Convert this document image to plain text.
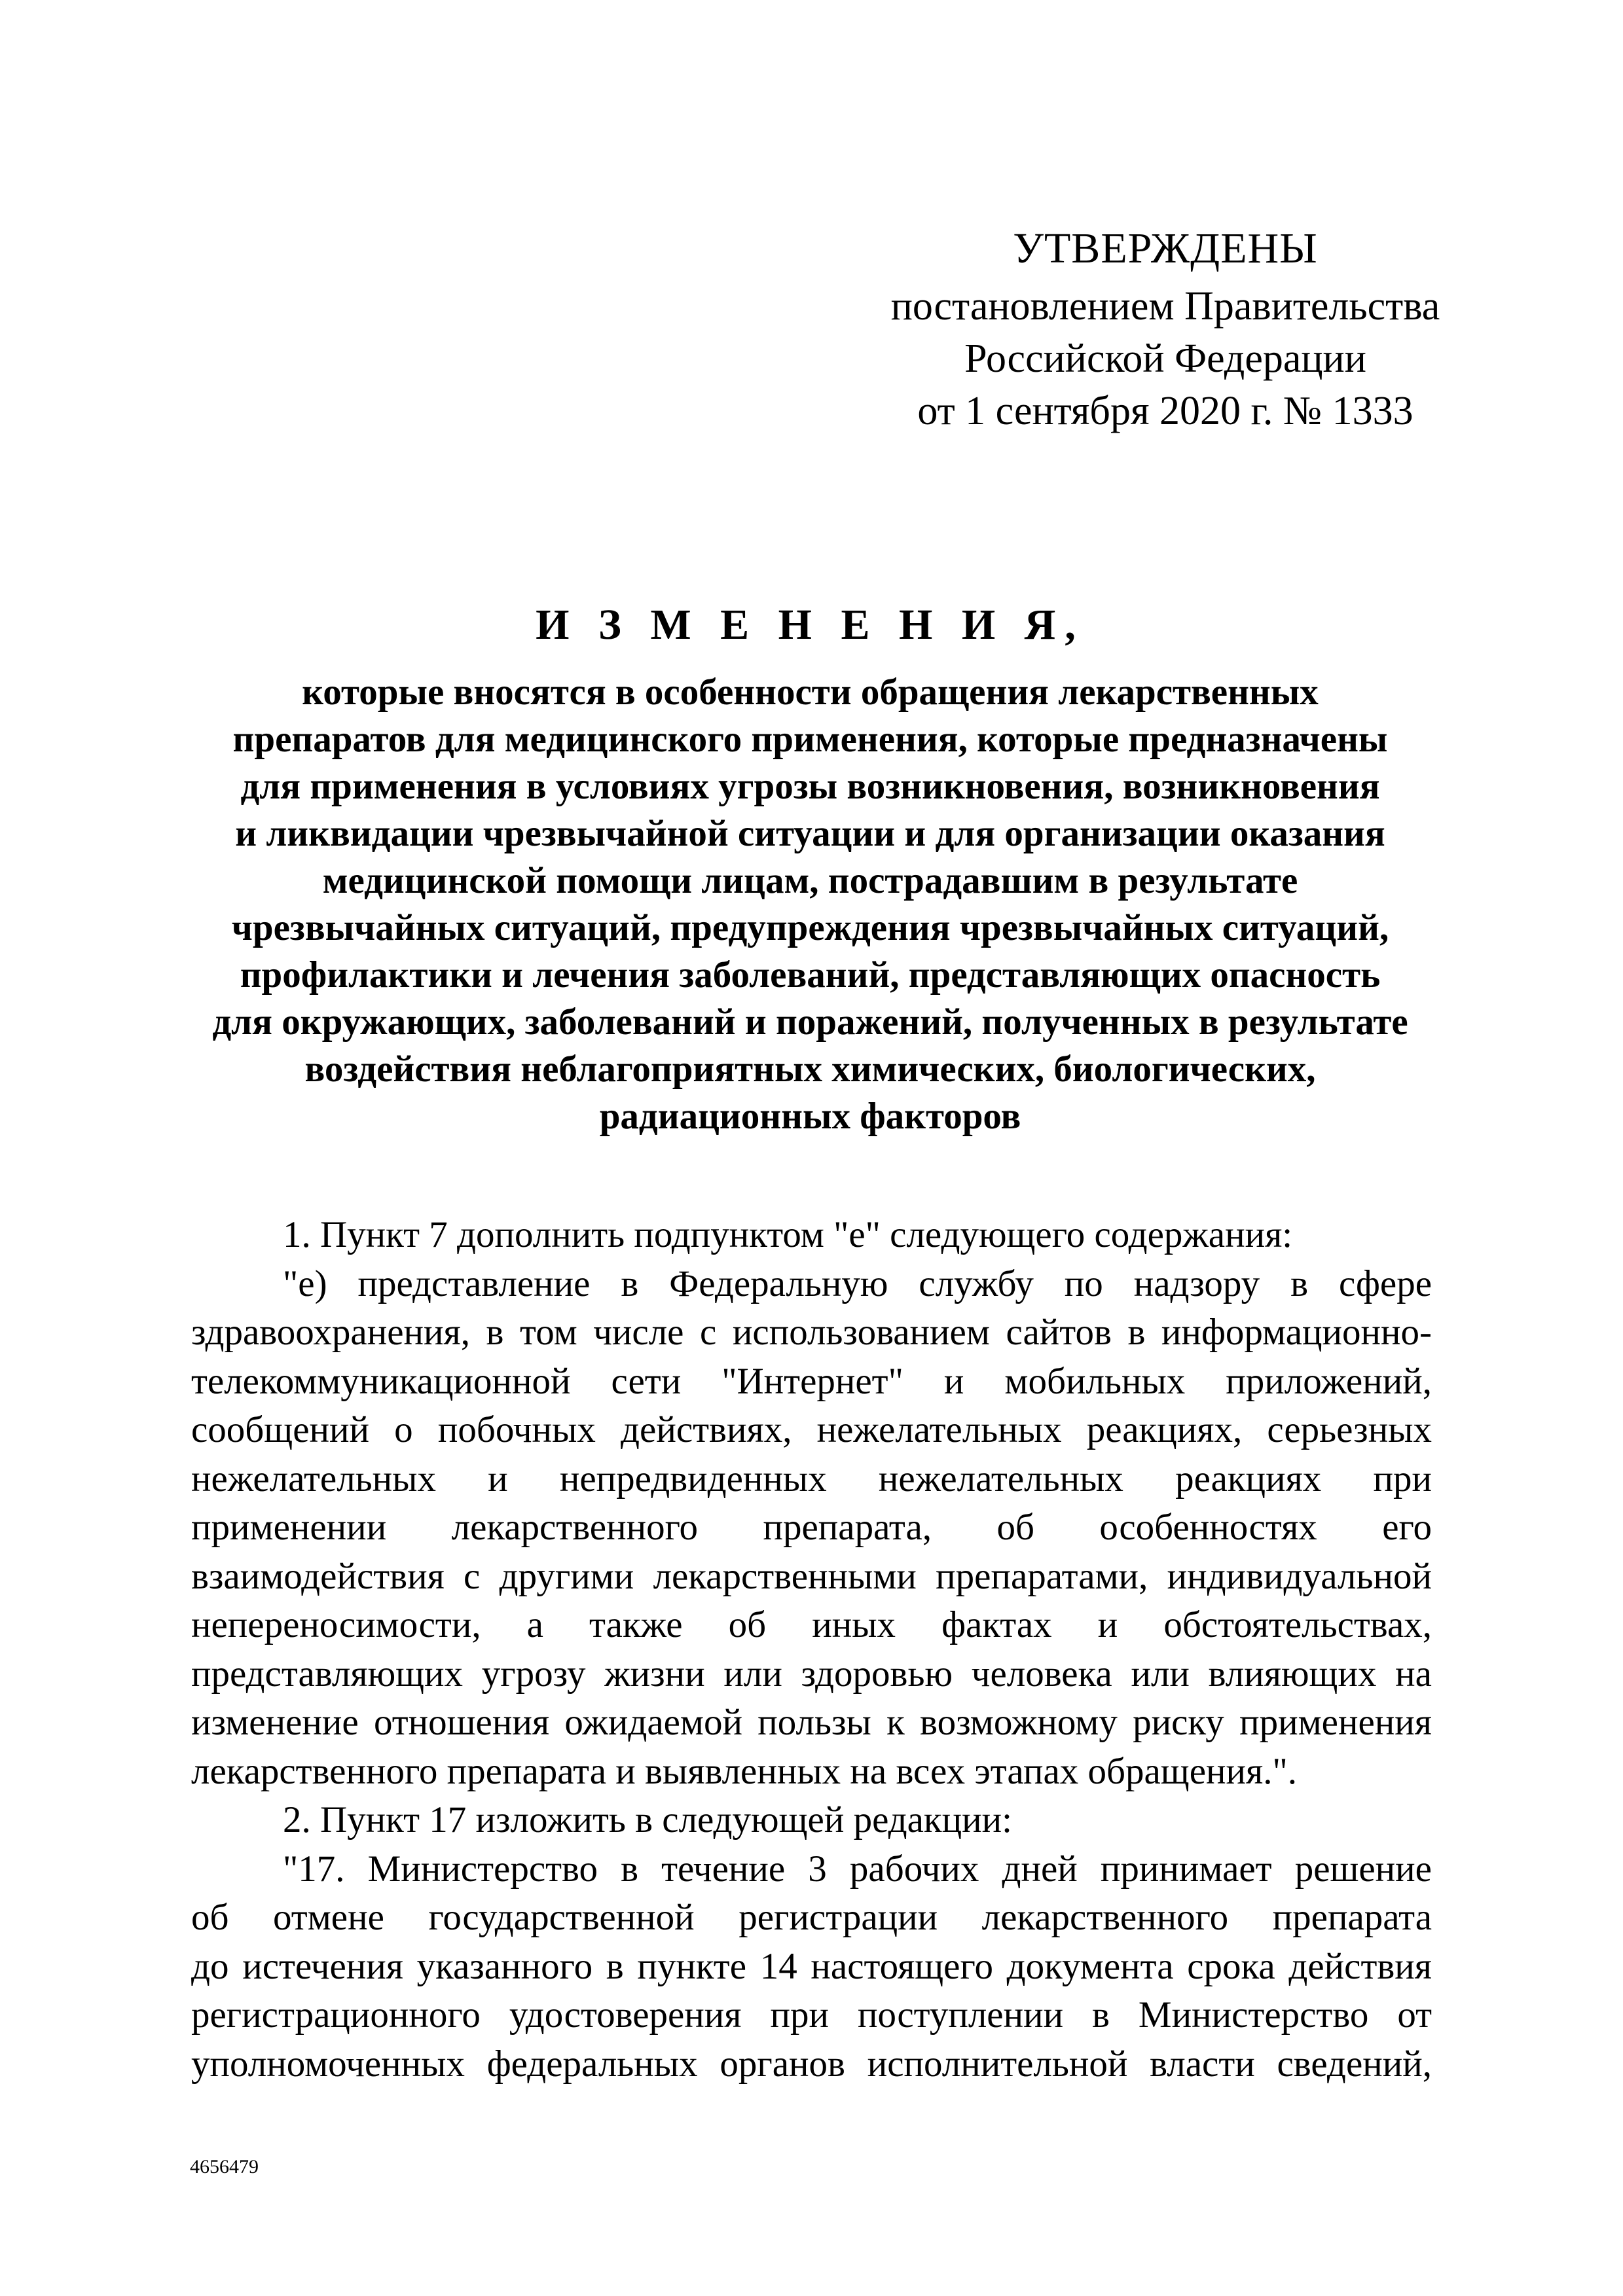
УТВЕРЖДЕНЫ
постановлением Правительства
Российской Федерации
от 1 сентября 2020 г. № 1333
И З М Е Н Е Н И Я,
которые вносятся в особенности обращения лекарственных
препаратов для медицинского применения, которые предназначены
для применения в условиях угрозы возникновения, возникновения
и ликвидации чрезвычайной ситуации и для организации оказания
медицинской помощи лицам, пострадавшим в результате
чрезвычайных ситуаций, предупреждения чрезвычайных ситуаций,
профилактики и лечения заболеваний, представляющих опасность
для окружающих, заболеваний и поражений, полученных в результате
воздействия неблагоприятных химических, биологических,
радиационных факторов
1. Пункт 7 дополнить подпунктом "е" следующего содержания:
"е) представление в Федеральную службу по надзору в сфере
здравоохранения, в том числе с использованием сайтов в информационно-
телекоммуникационной сети "Интернет" и мобильных приложений,
сообщений о побочных действиях, нежелательных реакциях, серьезных
нежелательных и непредвиденных нежелательных реакциях при
применении лекарственного препарата, об особенностях его
взаимодействия с другими лекарственными препаратами, индивидуальной
непереносимости, а также об иных фактах и обстоятельствах,
представляющих угрозу жизни или здоровью человека или влияющих на
изменение отношения ожидаемой пользы к возможному риску применения
лекарственного препарата и выявленных на всех этапах обращения.".
2. Пункт 17 изложить в следующей редакции:
"17. Министерство в течение 3 рабочих дней принимает решение
об отмене государственной регистрации лекарственного препарата
до истечения указанного в пункте 14 настоящего документа срока действия
регистрационного удостоверения при поступлении в Министерство от
уполномоченных федеральных органов исполнительной власти сведений,
4656479
